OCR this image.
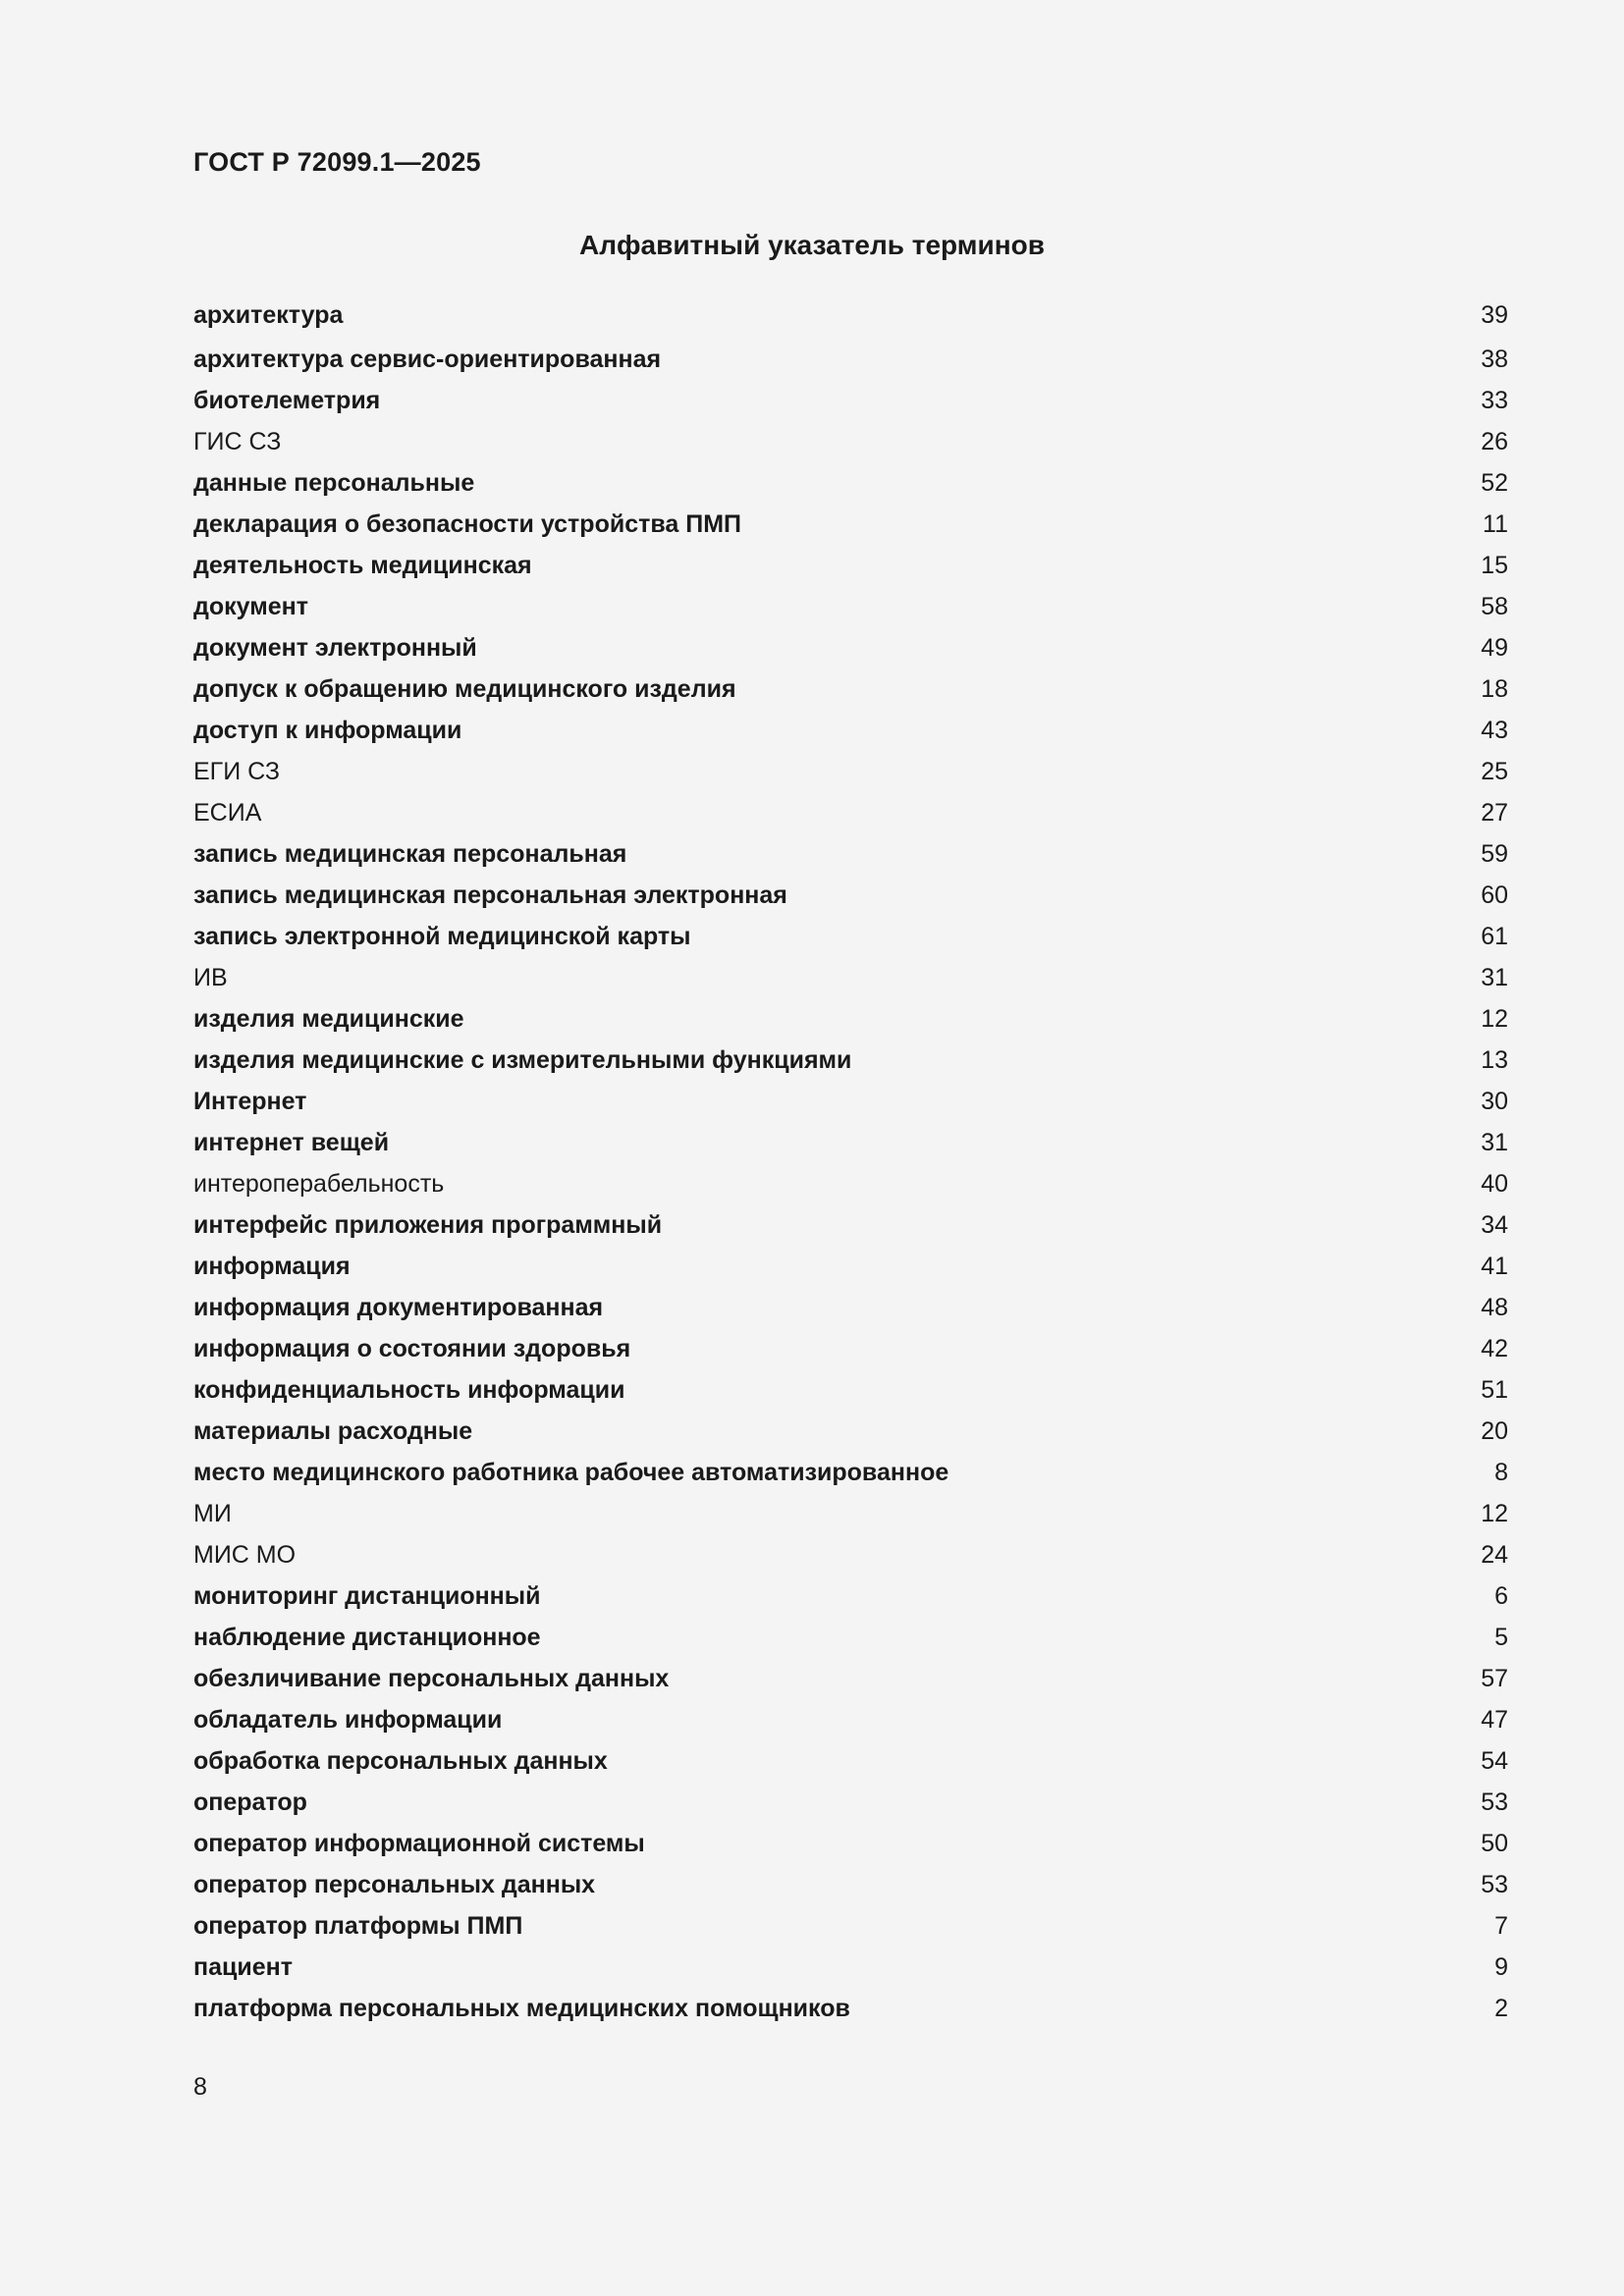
ГОСТ Р 72099.1—2025
Алфавитный указатель терминов
архитектура	39
архитектура сервис-ориентированная	38
биотелеметрия	33
ГИС СЗ	26
данные персональные	52
декларация о безопасности устройства ПМП	11
деятельность медицинская	15
документ	58
документ электронный	49
допуск к обращению медицинского изделия	18
доступ к информации	43
ЕГИ СЗ	25
ЕСИА	27
запись медицинская персональная	59
запись медицинская персональная электронная	60
запись электронной медицинской карты	61
ИВ	31
изделия медицинские	12
изделия медицинские с измерительными функциями	13
Интернет	30
интернет вещей	31
интероперабельность	40
интерфейс приложения программный	34
информация	41
информация документированная	48
информация о состоянии здоровья	42
конфиденциальность информации	51
материалы расходные	20
место медицинского работника рабочее автоматизированное	8
МИ	12
МИС МО	24
мониторинг дистанционный	6
наблюдение дистанционное	5
обезличивание персональных данных	57
обладатель информации	47
обработка персональных данных	54
оператор	53
оператор информационной системы	50
оператор персональных данных	53
оператор платформы ПМП	7
пациент	9
платформа персональных медицинских помощников	2
8
